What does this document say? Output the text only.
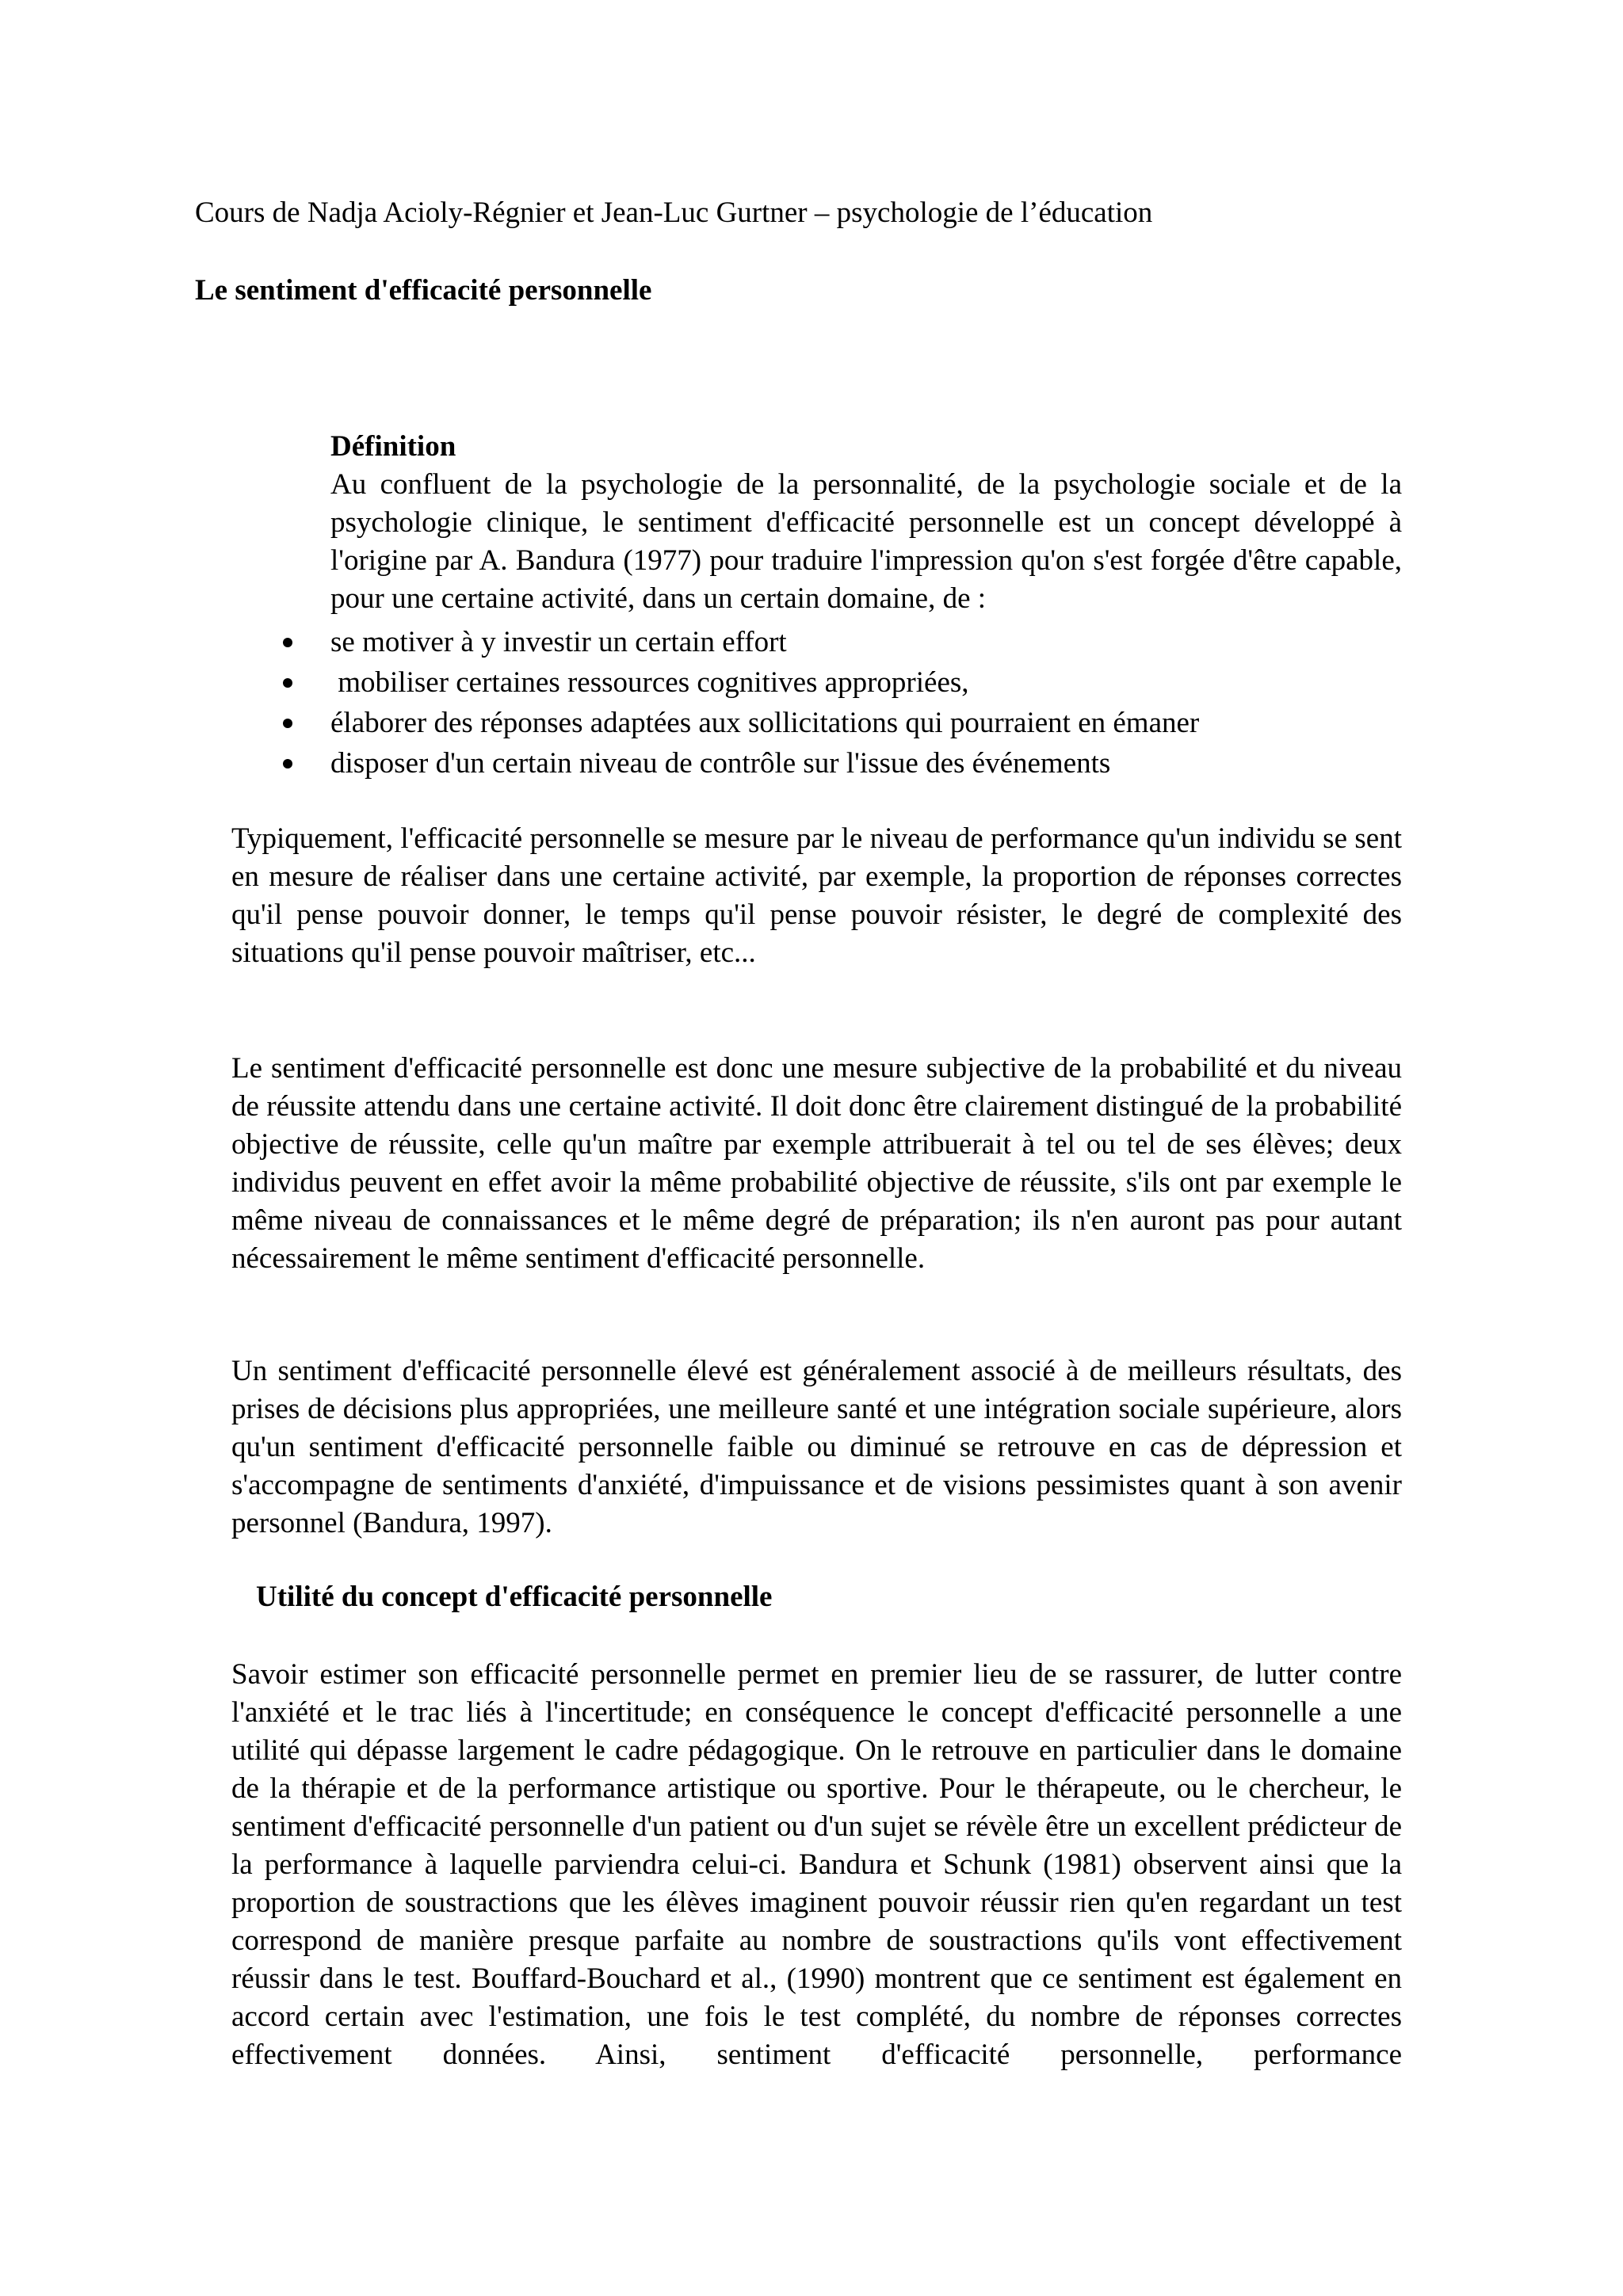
Cours de Nadja Acioly-Régnier et Jean-Luc Gurtner – psychologie de l’éducation
Le sentiment d'efficacité personnelle
Définition
Au confluent de la psychologie de la personnalité, de la psychologie sociale et de la psychologie clinique, le sentiment d'efficacité personnelle est un concept développé à l'origine par A. Bandura (1977) pour traduire l'impression qu'on s'est forgée d'être capable, pour une certaine activité, dans un certain domaine, de :
se motiver à y investir un certain effort
mobiliser certaines ressources cognitives appropriées,
élaborer des réponses adaptées aux sollicitations qui pourraient en émaner
disposer d'un certain niveau de contrôle sur l'issue des événements

Typiquement, l'efficacité personnelle se mesure par le niveau de performance qu'un individu se sent en mesure de réaliser dans une certaine activité, par exemple, la proportion de réponses correctes qu'il pense pouvoir donner, le temps qu'il pense pouvoir résister, le degré de complexité des situations qu'il pense pouvoir maîtriser, etc...

Le sentiment d'efficacité personnelle est donc une mesure subjective de la probabilité et du niveau de réussite attendu dans une certaine activité. Il doit donc être clairement distingué de la probabilité objective de réussite, celle qu'un maître par exemple attribuerait à tel ou tel de ses élèves; deux individus peuvent en effet avoir la même probabilité objective de réussite, s'ils ont par exemple le même niveau de connaissances et le même degré de préparation; ils n'en auront pas pour autant nécessairement le même sentiment d'efficacité personnelle.

Un sentiment d'efficacité personnelle élevé est généralement associé à de meilleurs résultats, des prises de décisions plus appropriées, une meilleure santé et une intégration sociale supérieure, alors qu'un sentiment d'efficacité personnelle faible ou diminué se retrouve en cas de dépression et s'accompagne de sentiments d'anxiété, d'impuissance et de visions pessimistes quant à son avenir personnel (Bandura, 1997).

Utilité du concept d'efficacité personnelle

Savoir estimer son efficacité personnelle permet en premier lieu de se rassurer, de lutter contre l'anxiété et le trac liés à l'incertitude; en conséquence le concept d'efficacité personnelle a une utilité qui dépasse largement le cadre pédagogique. On le retrouve en particulier dans le domaine de la thérapie et de la performance artistique ou sportive. Pour le thérapeute, ou le chercheur, le sentiment d'efficacité personnelle d'un patient ou d'un sujet se révèle être un excellent prédicteur de la performance à laquelle parviendra celui-ci. Bandura et Schunk (1981) observent ainsi que la proportion de soustractions que les élèves imaginent pouvoir réussir rien qu'en regardant un test correspond de manière presque parfaite au nombre de soustractions qu'ils vont effectivement réussir dans le test. Bouffard-Bouchard et al., (1990) montrent que ce sentiment est également en accord certain avec l'estimation, une fois le test complété, du nombre de réponses correctes effectivement données. Ainsi, sentiment d'efficacité personnelle, performance
